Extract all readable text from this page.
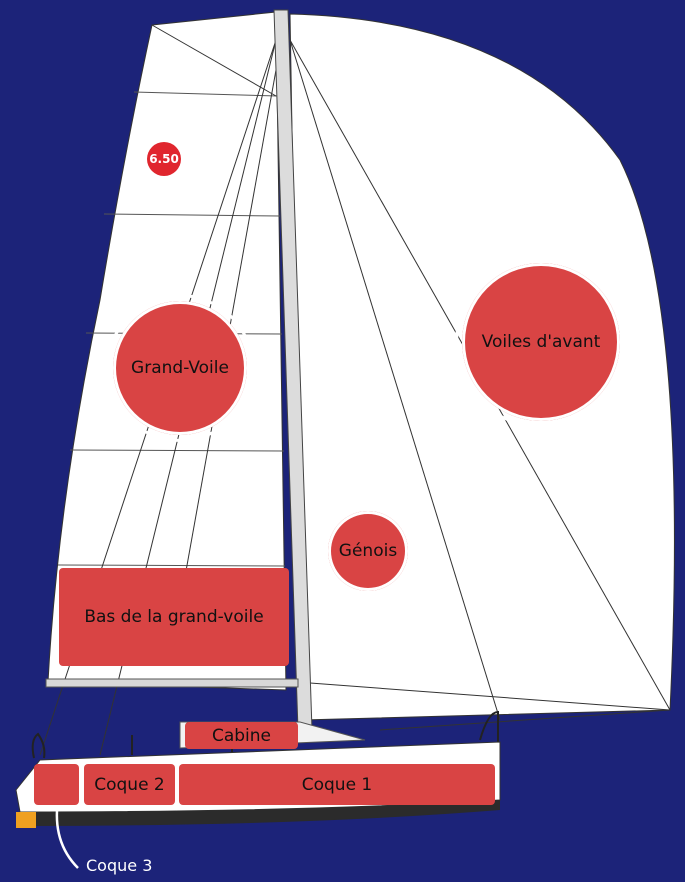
6.50
Grand-Voile
Voiles d'avant
Génois
Bas de la grand-voile
Cabine
Coque 2	Coque 1
Coque 3
